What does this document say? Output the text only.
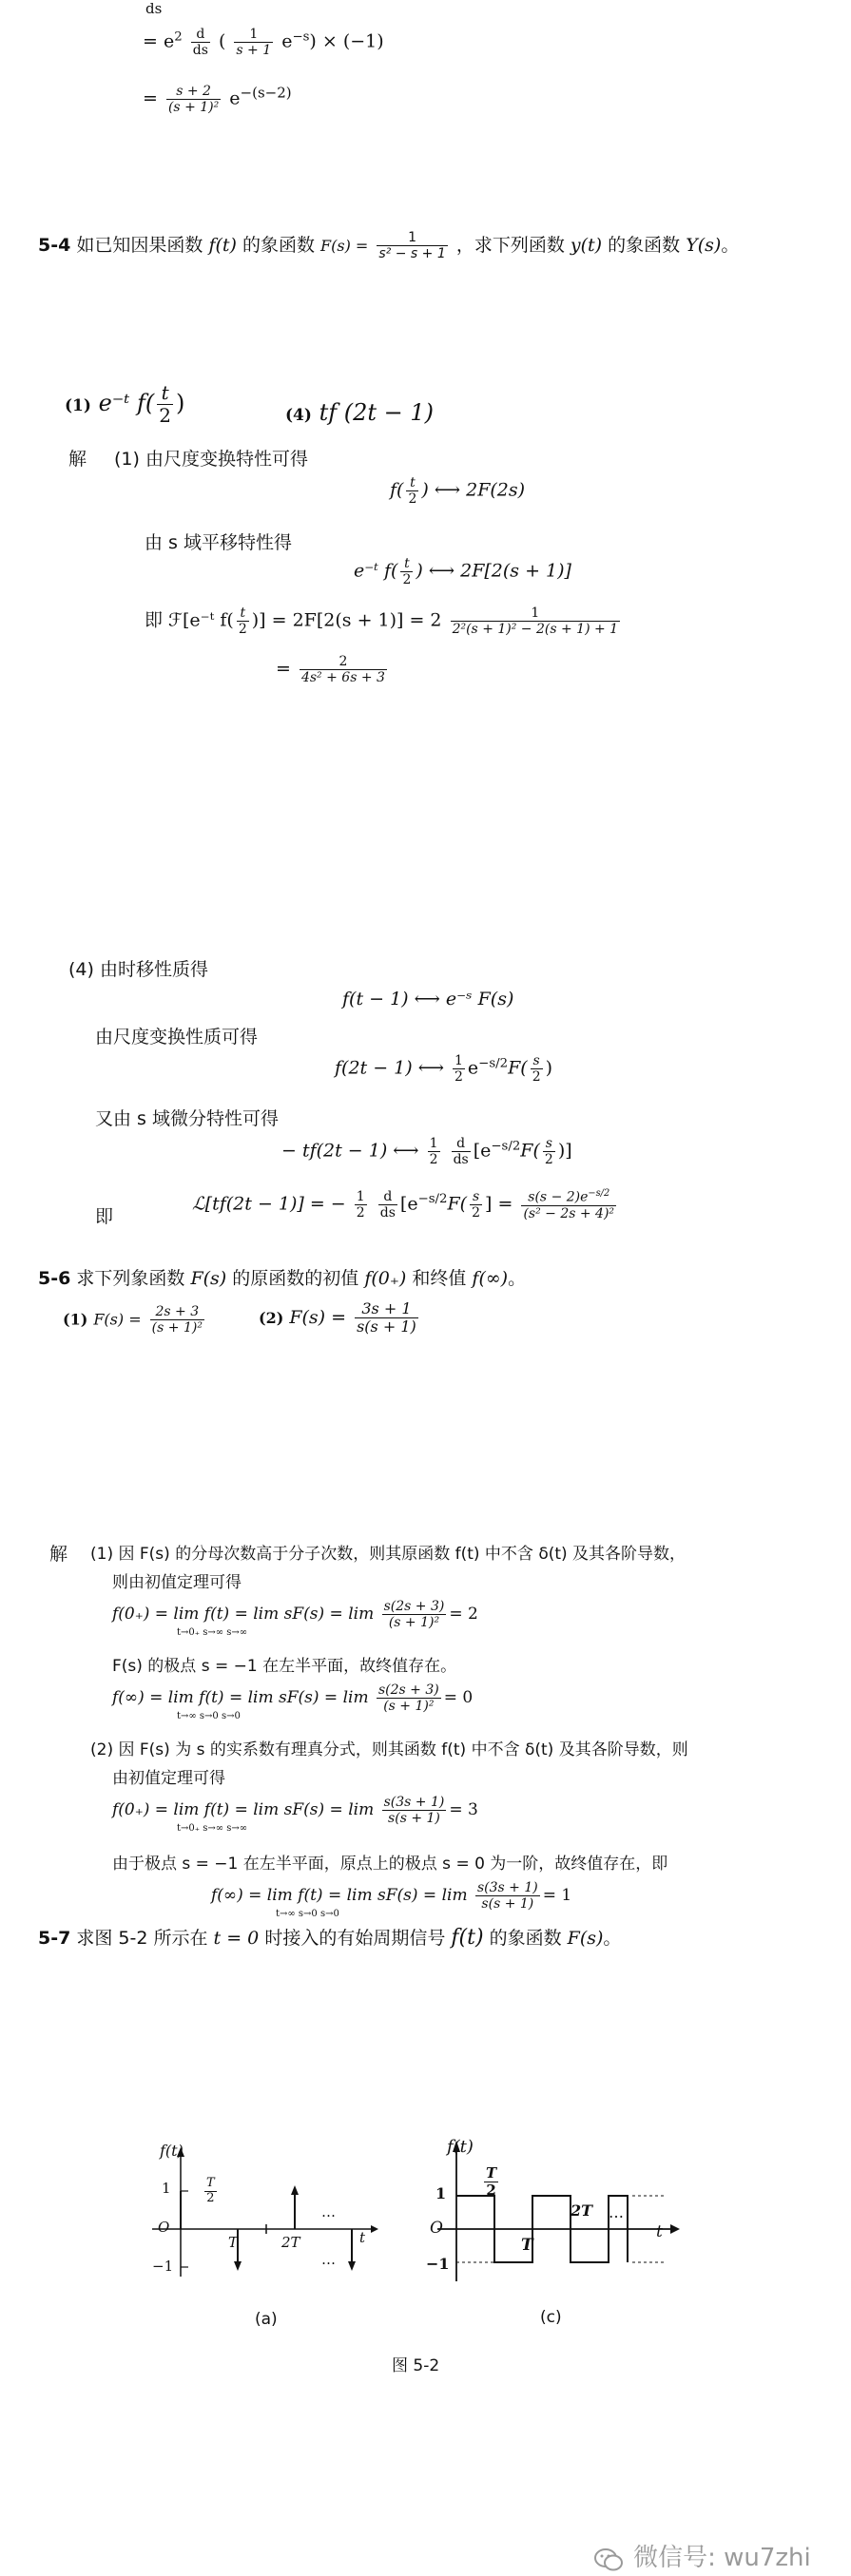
ds
= $e^2 \frac{d}{ds}$ ( $\frac{1}{s + 1} e^{-s}) \times (-1)$
= $\frac{s + 2}{\text{(s + 1)²}} e^{-(s-2)}$
5-4 如已知因果函数 f(t) 的象函数 $F(s) = \frac{1}{\text{s² − s + 1}}$ ，求下列函数 y(t) 的象函数 Y(s)。
(1) e⁻ᵗ $f( \frac{t}{2}$ )	(4) tf (2t − 1)
解 (1) 由尺度变换特性可得
$f( \frac{t}{2}$ ) ⟷ 2F(2s)
由 s 域平移特性得
e⁻ᵗ $f( \frac{t}{2}$ ) ⟷ 2F[2(s + 1)]
即 ℱ[e⁻ᵗ $f( \frac{t}{2}$ )] = $2F[2(s + 1)] = 2 \frac{1}{\text{2²(s + 1)² − 2(s + 1) + 1}}$
= $\frac{2}{\text{4s² + 6s + 3}}$
(4) 由时移性质得
f(t − 1) ⟷ e⁻ˢ F(s)
由尺度变换性质可得
f(2t − 1) ⟷ $\frac{1}{2} e^{-s/2}F( \frac{s}{2}$ )
又由 s 域微分特性可得
− tf(2t − 1) ⟷ $\frac{1}{2}$
$\frac{d}{ds} [e^{-s/2}F( \frac{s}{2}$ )]
即
ℒ[tf(2t − 1)] = − $\frac{1}{2}$
$\frac{d}{ds} [e^{-s/2}F( \frac{s}{2}$ ] = $\frac{s(s - 2)e^{-s/2}}{\text{(s² − 2s + 4)²}}$
5-6 求下列象函数 F(s) 的原函数的初值 f(0₊) 和终值 f(∞)。
(1) $F(s) = \frac{2s + 3}{\text{(s + 1)²}}$	(2) $F(s) = \frac{3s + 1}{s(s + 1)}$
解 (1) 因 F(s) 的分母次数高于分子次数，则其原函数 f(t) 中不含 δ(t) 及其各阶导数，
则由初值定理可得
$f(0_+) = \lim f(t) = \lim sF(s) = \lim \frac{s(2s + 3)}{\text{(s + 1)²}} = 2$
t→0₊ s→∞ s→∞
F(s) 的极点 s = −1 在左半平面，故终值存在。
$f(\infty) = \lim f(t) = \lim sF(s) = \lim \frac{s(2s + 3)}{\text{(s + 1)²}} = 0$
t→∞ s→0 s→0
(2) 因 F(s) 为 s 的实系数有理真分式，则其函数 f(t) 中不含 δ(t) 及其各阶导数，则
由初值定理可得
$f(0_+) = \lim f(t) = \lim sF(s) = \lim \frac{s(3s + 1)}{s(s + 1)} = 3$
t→0₊ s→∞ s→∞
由于极点 s = −1 在左半平面，原点上的极点 s = 0 为一阶，故终值存在，即
$f(\infty) = \lim f(t) = \lim sF(s) = \lim \frac{s(3s + 1)}{s(s + 1)} = 1$
t→∞ s→0 s→0
5-7 求图 5-2 所示在 t = 0 时接入的有始周期信号 f(t) 的象函数 F(s)。
f(t)
1
O
−1
$\frac{T}{2}$
T	2T
…
…
t
(a)
f(t)
1
O
−1
$\frac{T}{2}$
T
2T …
t
(c)
图 5-2
微信号: wu7zhi
